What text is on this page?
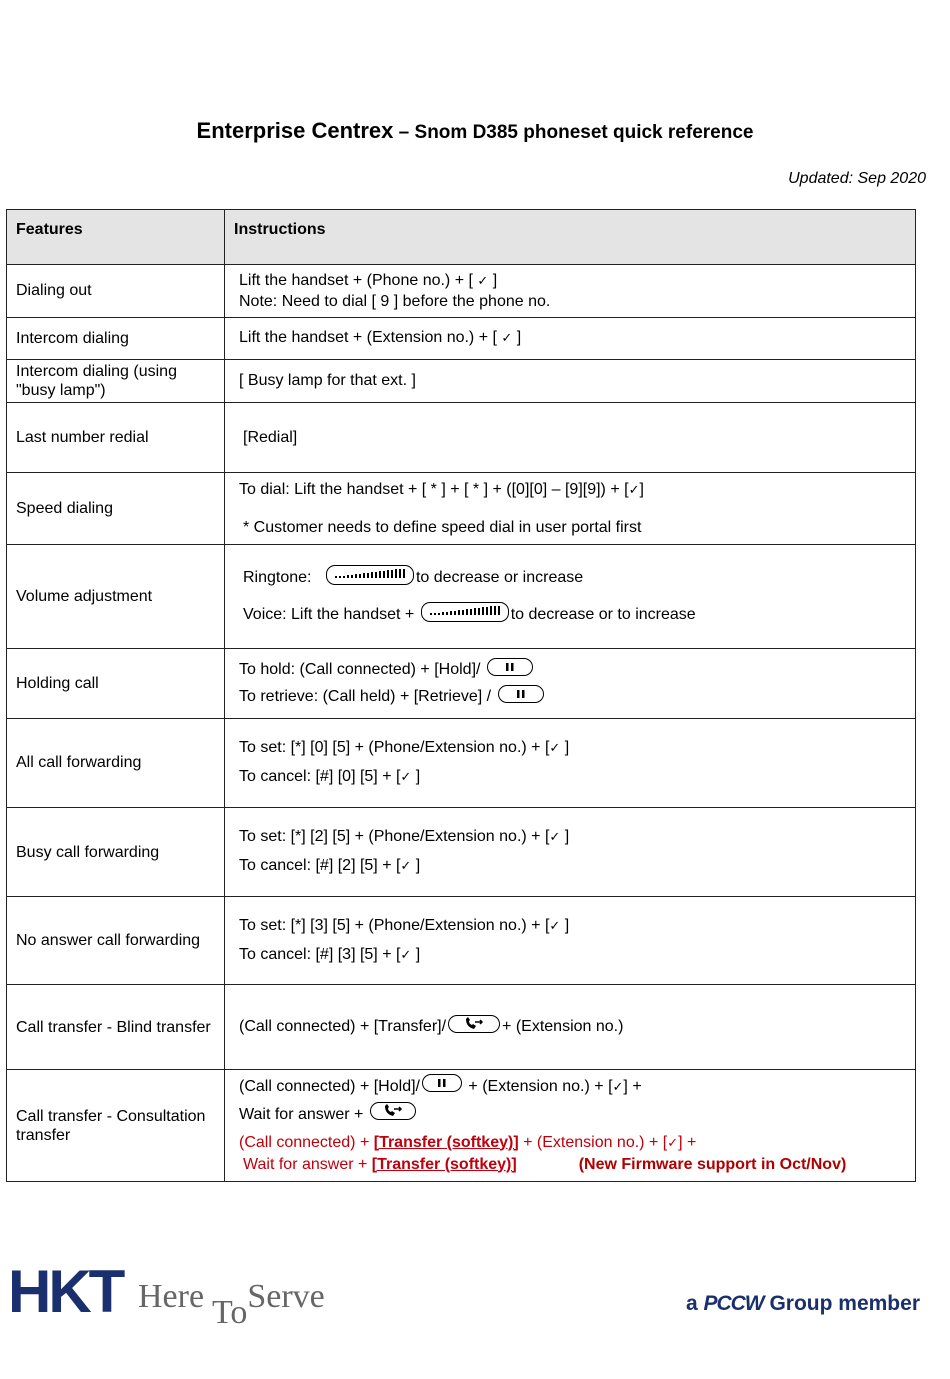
Enterprise Centrex – Snom D385 phoneset quick reference
Updated: Sep 2020
Features	Instructions
Dialing out	Lift the handset + (Phone no.) + [ ✓ ]
Note: Need to dial [ 9 ] before the phone no.

Intercom dialing	Lift the handset + (Extension no.) + [ ✓ ]

Intercom dialing (using "busy lamp")	[ Busy lamp for that ext. ]
Last number redial	[Redial]
Speed dialing	To dial: Lift the handset + [ * ] + [ * ] + ([0][0] – [9][9]) + [✓]
* Customer needs to define speed dial in user portal first

Volume adjustment	Ringtone: to decrease or increase
Voice: Lift the handset + to decrease or to increase

Holding call	To hold: (Call connected) + [Hold]/
To retrieve: (Call held) + [Retrieve] /

All call forwarding	To set: [*] [0] [5] + (Phone/Extension no.) + [✓ ]
To cancel: [#] [0] [5] + [✓ ]

Busy call forwarding	To set: [*] [2] [5] + (Phone/Extension no.) + [✓ ]
To cancel: [#] [2] [5] + [✓ ]

No answer call forwarding	To set: [*] [3] [5] + (Phone/Extension no.) + [✓ ]
To cancel: [#] [3] [5] + [✓ ]

Call transfer - Blind transfer	(Call connected) + [Transfer]/ + (Extension no.)

Call transfer - Consultation transfer	(Call connected) + [Hold]/ + (Extension no.) + [✓] +
Wait for answer +
(Call connected) + [Transfer (softkey)] + (Extension no.) + [✓] +
Wait for answer + [Transfer (softkey)] (New Firmware support in Oct/Nov)
HKT Here ToServe	a PCCW Group member
